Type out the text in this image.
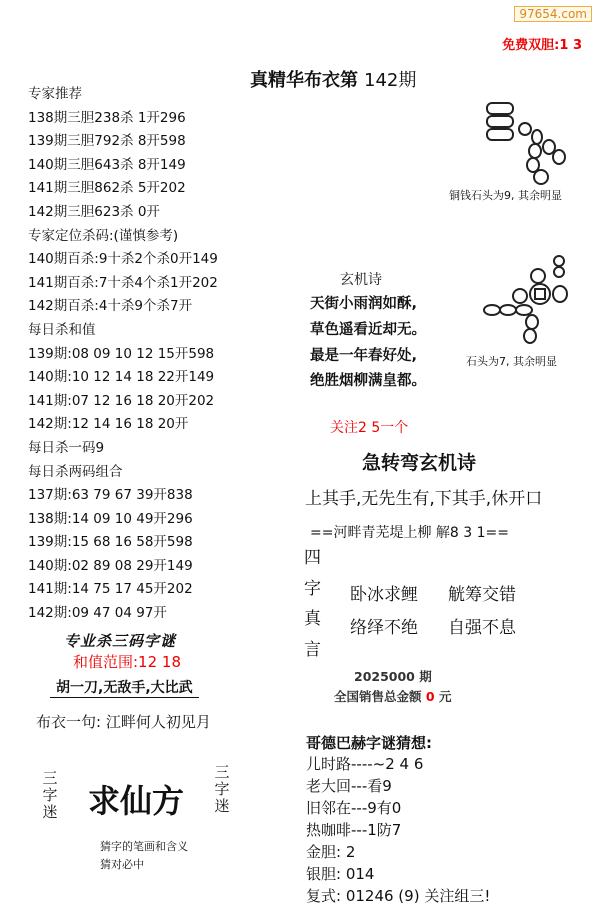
97654.com
免费双胆:1 3
真精华布衣第 142期
专家推荐
138期三胆238杀 1开296
139期三胆792杀 8开598
140期三胆643杀 8开149
141期三胆862杀 5开202
142期三胆623杀 0开
专家定位杀码:(谨慎参考)
140期百杀:9十杀2个杀0开149
141期百杀:7十杀4个杀1开202
142期百杀:4十杀9个杀7开
每日杀和值
139期:08 09 10 12 15开598
140期:10 12 14 18 22开149
141期:07 12 16 18 20开202
142期:12 14 16 18 20开
每日杀一码9
每日杀两码组合
137期:63 79 67 39开838
138期:14 09 10 49开296
139期:15 68 16 58开598
140期:02 89 08 29开149
141期:14 75 17 45开202
142期:09 47 04 97开
专业杀三码字谜
和值范围:12 18
胡一刀,无敌手,大比武
布衣一句: 江畔何人初见月
三字迷 求仙方
三字迷
猜字的笔画和含义
猜对必中
铜钱石头为9, 其余明显
石头为7, 其余明显
玄机诗
天街小雨润如酥,
草色遥看近却无。
最是一年春好处,
绝胜烟柳满皇都。
关注2 5一个
急转弯玄机诗
上其手,无先生有,下其手,休开口
==河畔青芜堤上柳 解8 3 1==
四字真言
卧冰求鲤 觥筹交错
络绎不绝 自强不息
2025000 期
全国销售总金额 0 元
哥德巴赫字谜猜想:
儿时路----~2 4 6
老大回---看9
旧邻在---9有0
热咖啡---1防7
金胆: 2
银胆: 014
复式: 01246 (9) 关注组三!
